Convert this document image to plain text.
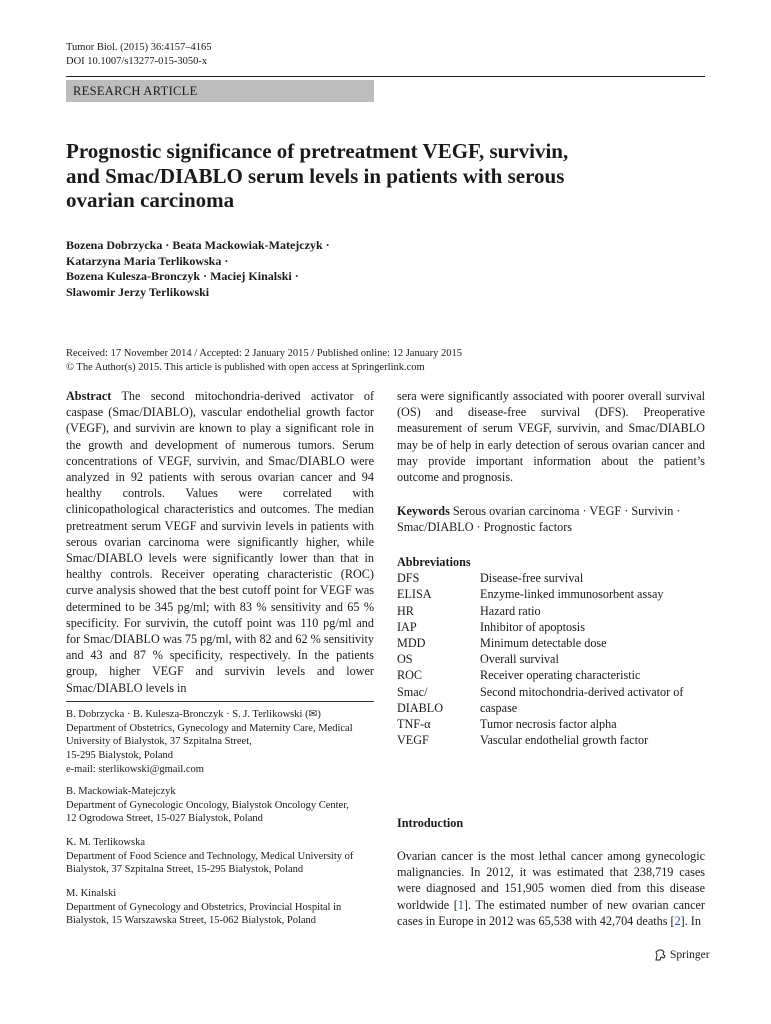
Tumor Biol. (2015) 36:4157–4165
DOI 10.1007/s13277-015-3050-x
RESEARCH ARTICLE
Prognostic significance of pretreatment VEGF, survivin,
and Smac/DIABLO serum levels in patients with serous
ovarian carcinoma
Bozena Dobrzycka · Beata Mackowiak-Matejczyk ·
Katarzyna Maria Terlikowska ·
Bozena Kulesza-Bronczyk · Maciej Kinalski ·
Slawomir Jerzy Terlikowski
Received: 17 November 2014 / Accepted: 2 January 2015 / Published online: 12 January 2015
© The Author(s) 2015. This article is published with open access at Springerlink.com
Abstract The second mitochondria-derived activator of caspase (Smac/DIABLO), vascular endothelial growth factor (VEGF), and survivin are known to play a significant role in the growth and development of numerous tumors. Serum concentrations of VEGF, survivin, and Smac/DIABLO were analyzed in 92 patients with serous ovarian cancer and 94 healthy controls. Values were correlated with clinicopathological characteristics and outcomes. The median pretreatment serum VEGF and survivin levels in patients with serous ovarian carcinoma were significantly higher, while Smac/DIABLO levels were significantly lower than that in healthy controls. Receiver operating characteristic (ROC) curve analysis showed that the best cutoff point for VEGF was determined to be 345 pg/ml; with 83 % sensitivity and 65 % specificity. For survivin, the cutoff point was 110 pg/ml and for Smac/DIABLO was 75 pg/ml, with 82 and 62 % sensitivity and 43 and 87 % specificity, respectively. In the patients group, higher VEGF and survivin levels and lower Smac/DIABLO levels in
sera were significantly associated with poorer overall survival (OS) and disease-free survival (DFS). Preoperative measurement of serum VEGF, survivin, and Smac/DIABLO may be of help in early detection of serous ovarian cancer and may provide important information about the patient’s outcome and prognosis.
Keywords Serous ovarian carcinoma · VEGF · Survivin · Smac/DIABLO · Prognostic factors
Abbreviations
DFS	Disease-free survival
ELISA	Enzyme-linked immunosorbent assay
HR	Hazard ratio
IAP	Inhibitor of apoptosis
MDD	Minimum detectable dose
OS	Overall survival
ROC	Receiver operating characteristic
Smac/	Second mitochondria-derived activator of
DIABLO	caspase
TNF-α	Tumor necrosis factor alpha
VEGF	Vascular endothelial growth factor
B. Dobrzycka · B. Kulesza-Bronczyk · S. J. Terlikowski (✉)
Department of Obstetrics, Gynecology and Maternity Care, Medical
University of Bialystok, 37 Szpitalna Street,
15-295 Bialystok, Poland
e-mail: sterlikowski@gmail.com
B. Mackowiak-Matejczyk
Department of Gynecologic Oncology, Bialystok Oncology Center,
12 Ogrodowa Street, 15-027 Bialystok, Poland
K. M. Terlikowska
Department of Food Science and Technology, Medical University of
Bialystok, 37 Szpitalna Street, 15-295 Bialystok, Poland
M. Kinalski
Department of Gynecology and Obstetrics, Provincial Hospital in
Bialystok, 15 Warszawska Street, 15-062 Bialystok, Poland
Introduction
Ovarian cancer is the most lethal cancer among gynecologic malignancies. In 2012, it was estimated that 238,719 cases were diagnosed and 151,905 women died from this disease worldwide [1]. The estimated number of new ovarian cancer cases in Europe in 2012 was 65,538 with 42,704 deaths [2]. In
Springer
